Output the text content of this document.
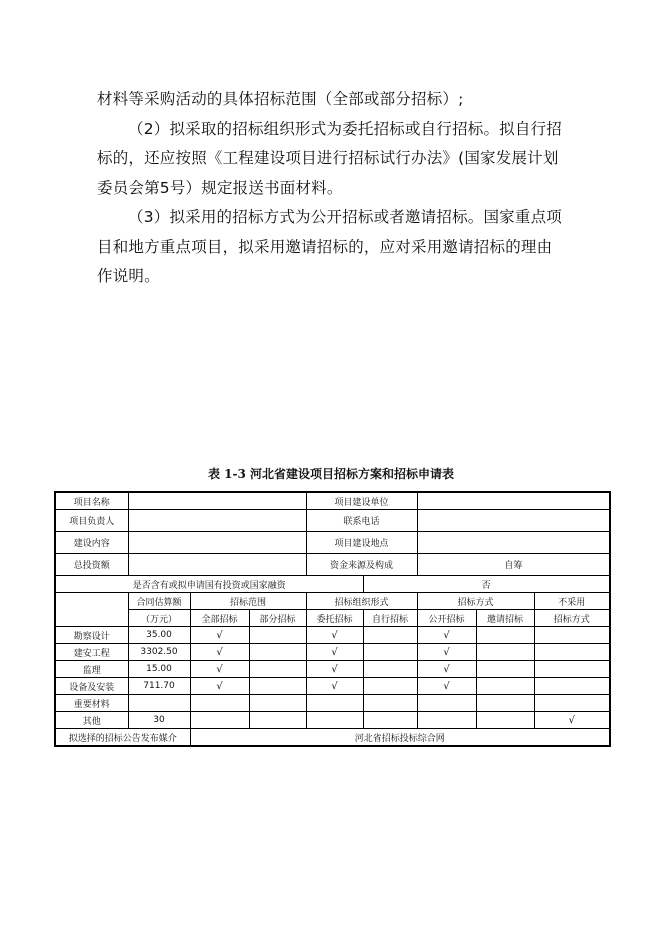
材料等采购活动的具体招标范围（全部或部分招标）;

（2）拟采取的招标组织形式为委托招标或自行招标。拟自行招标的，还应按照《工程建设项目进行招标试行办法》(国家发展计划委员会第5号）规定报送书面材料。

（3）拟采用的招标方式为公开招标或者邀请招标。国家重点项目和地方重点项目，拟采用邀请招标的，应对采用邀请招标的理由作说明。

表 1-3 河北省建设项目招标方案和招标申请表
项目名称				项目建设单位				
项目负责人				联系电话				
建设内容				项目建设地点				
总投资额				资金来源及构成		自筹		
是否含有或拟申请国有投资或国家融资					否			
	合同估算额	招标范围		招标组织形式		招标方式		不采用
	（万元）	全部招标	部分招标	委托招标	自行招标	公开招标	邀请招标	招标方式
勘察设计	35.00	√		√		√		
建安工程	3302.50	√		√		√		
监理	15.00	√		√		√		
设备及安装	711.70	√		√		√		
重要材料								
其他	30							√
拟选择的招标公告发布媒介		河北省招标投标综合网						
